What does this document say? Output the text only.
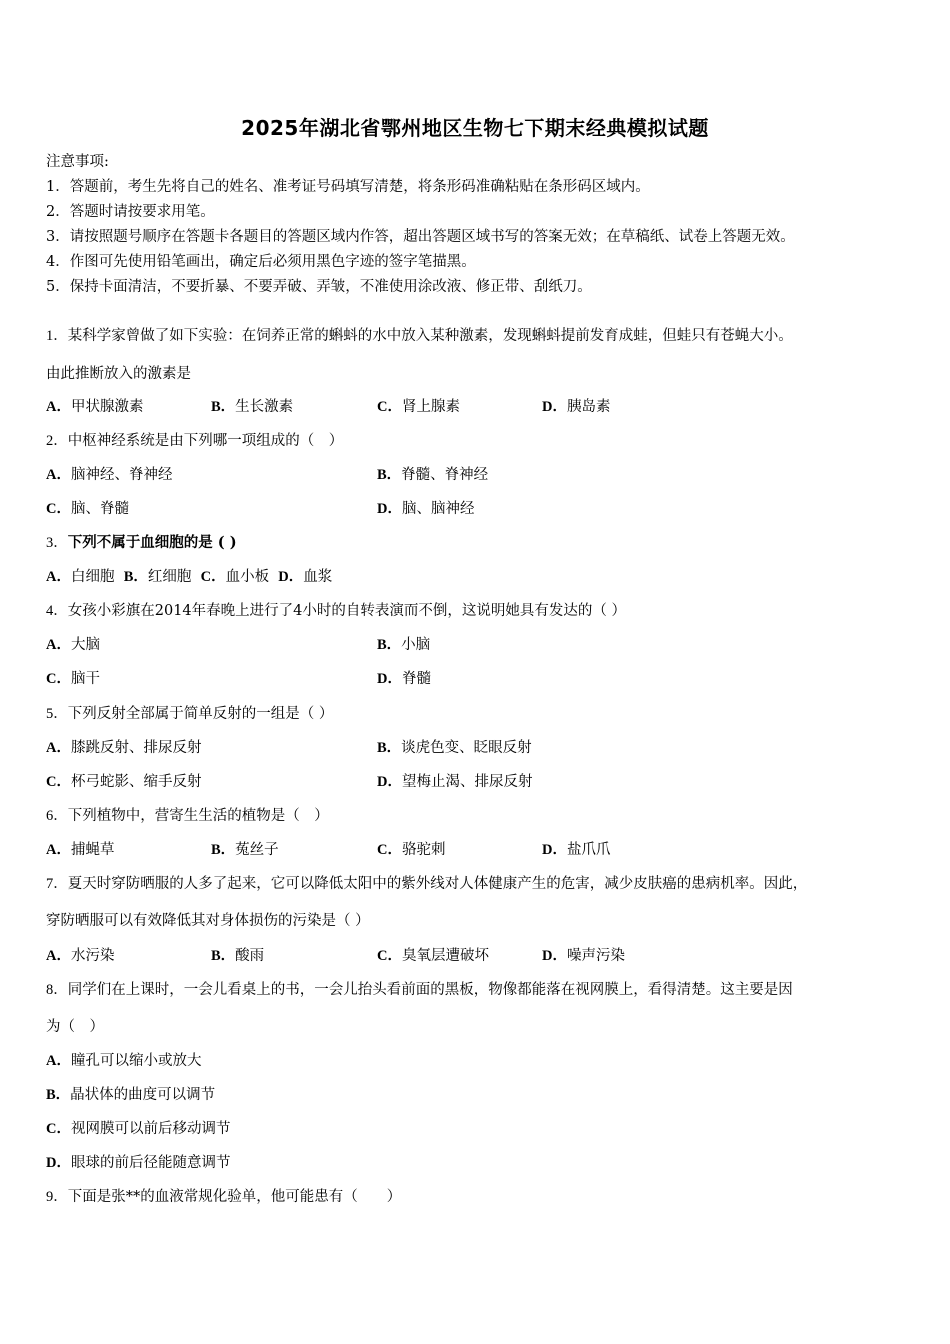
2025年湖北省鄂州地区生物七下期末经典模拟试题
注意事项:
1．答题前，考生先将自己的姓名、准考证号码填写清楚，将条形码准确粘贴在条形码区域内。
2．答题时请按要求用笔。
3．请按照题号顺序在答题卡各题目的答题区域内作答，超出答题区域书写的答案无效；在草稿纸、试卷上答题无效。
4．作图可先使用铅笔画出，确定后必须用黑色字迹的签字笔描黑。
5．保持卡面清洁，不要折暴、不要弄破、弄皱，不准使用涂改液、修正带、刮纸刀。
1．某科学家曾做了如下实验：在饲养正常的蝌蚪的水中放入某种激素，发现蝌蚪提前发育成蛙，但蛙只有苍蝇大小。
由此推断放入的激素是
A．甲状腺激素	B．生长激素	C．肾上腺素	D．胰岛素
2．中枢神经系统是由下列哪一项组成的（　）
A．脑神经、脊神经	B．脊髓、脊神经
C．脑、脊髓	D．脑、脑神经
3．下列不属于血细胞的是 ( )
A．白细胞 B．红细胞 C．血小板 D．血浆
4．女孩小彩旗在2014年春晚上进行了4小时的自转表演而不倒，这说明她具有发达的（ ）
A．大脑	B．小脑
C．脑干	D．脊髓
5．下列反射全部属于简单反射的一组是（ ）
A．膝跳反射、排尿反射	B．谈虎色变、眨眼反射
C．杯弓蛇影、缩手反射	D．望梅止渴、排尿反射
6．下列植物中，营寄生生活的植物是（　）
A．捕蝇草	B．菟丝子	C．骆驼刺	D．盐爪爪
7．夏天时穿防晒服的人多了起来，它可以降低太阳中的紫外线对人体健康产生的危害，减少皮肤癌的患病机率。因此，
穿防晒服可以有效降低其对身体损伤的污染是（ ）
A．水污染	B．酸雨	C．臭氧层遭破坏	D．噪声污染
8．同学们在上课时，一会儿看桌上的书，一会儿抬头看前面的黑板，物像都能落在视网膜上，看得清楚。这主要是因
为（　）
A．瞳孔可以缩小或放大
B．晶状体的曲度可以调节
C．视网膜可以前后移动调节
D．眼球的前后径能随意调节
9．下面是张**的血液常规化验单，他可能患有（　　）
